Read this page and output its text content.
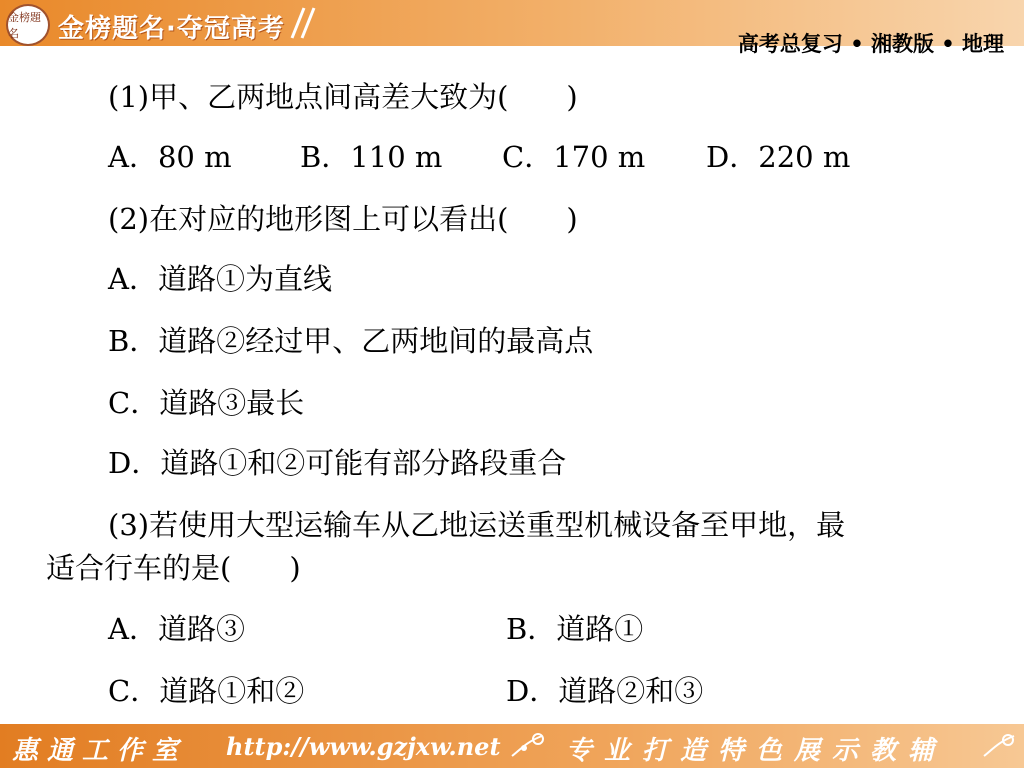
金榜題名	金榜题名·夺冠高考	高考总复习 • 湘教版 • 地理
(1)甲、乙两地点间高差大致为(　　)
A．80 m B．110 m C．170 m D．220 m
(2)在对应的地形图上可以看出(　　)
A．道路①为直线
B．道路②经过甲、乙两地间的最高点
C．道路③最长
D．道路①和②可能有部分路段重合
(3)若使用大型运输车从乙地运送重型机械设备至甲地，最
适合行车的是(　　)
A．道路③	B．道路①
C．道路①和②	D．道路②和③
惠通工作室 http://www.gzjxw.net	专业打造特色展示教辅
